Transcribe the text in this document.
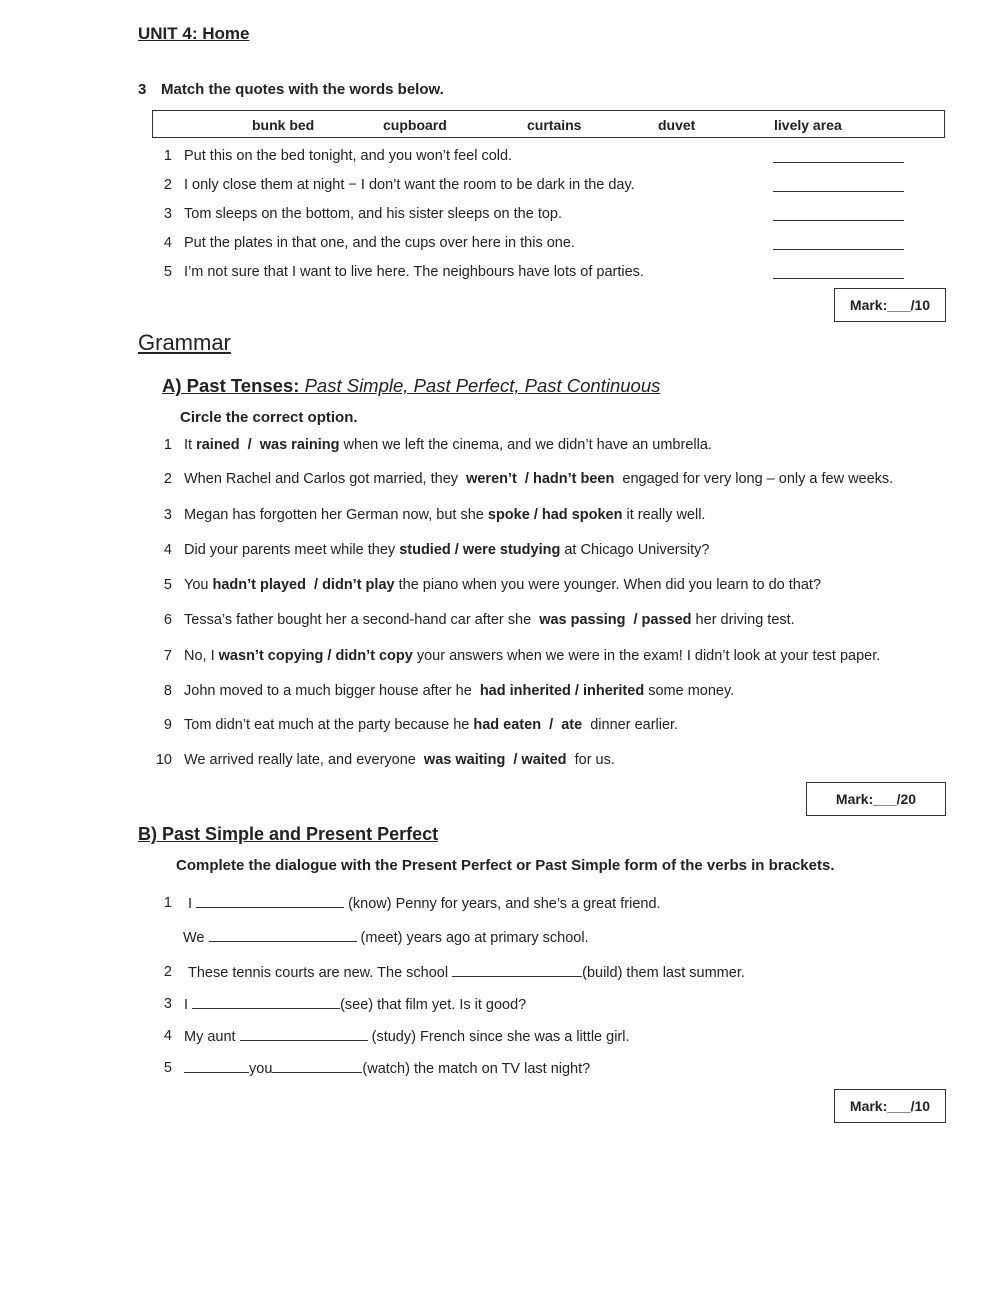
UNIT 4: Home
3 Match the quotes with the words below.
bunk bed	cupboard	curtains	duvet	lively area
1 Put this on the bed tonight, and you won’t feel cold.
2 I only close them at night − I don’t want the room to be dark in the day.
3 Tom sleeps on the bottom, and his sister sleeps on the top.
4 Put the plates in that one, and the cups over here in this one.
5 I’m not sure that I want to live here. The neighbours have lots of parties.
Mark:___/10
Grammar
A) Past Tenses: Past Simple, Past Perfect, Past Continuous
Circle the correct option.
1 It rained  /  was raining when we left the cinema, and we didn’t have an umbrella.
2 When Rachel and Carlos got married, they  weren’t  / hadn’t been  engaged for very long – only a few weeks.
3 Megan has forgotten her German now, but she spoke / had spoken it really well.
4 Did your parents meet while they studied / were studying at Chicago University?
5 You hadn’t played  / didn’t play the piano when you were younger. When did you learn to do that?
6 Tessa’s father bought her a second-hand car after she  was passing  / passed her driving test.
7 No, I wasn’t copying / didn’t copy your answers when we were in the exam! I didn’t look at your test paper.
8 John moved to a much bigger house after he  had inherited / inherited some money.
9 Tom didn’t eat much at the party because he had eaten  /  ate  dinner earlier.
10 We arrived really late, and everyone  was waiting  / waited  for us.
Mark:___/20
B) Past Simple and Present Perfect
Complete the dialogue with the Present Perfect or Past Simple form of the verbs in brackets.
1 I	(know) Penny for years, and she’s a great friend.
We	(meet) years ago at primary school.
2 These tennis courts are new. The school	(build) them last summer.
3 I	(see) that film yet. Is it good?
4 My aunt	(study) French since she was a little girl.
5	you	(watch) the match on TV last night?
Mark:___/10
